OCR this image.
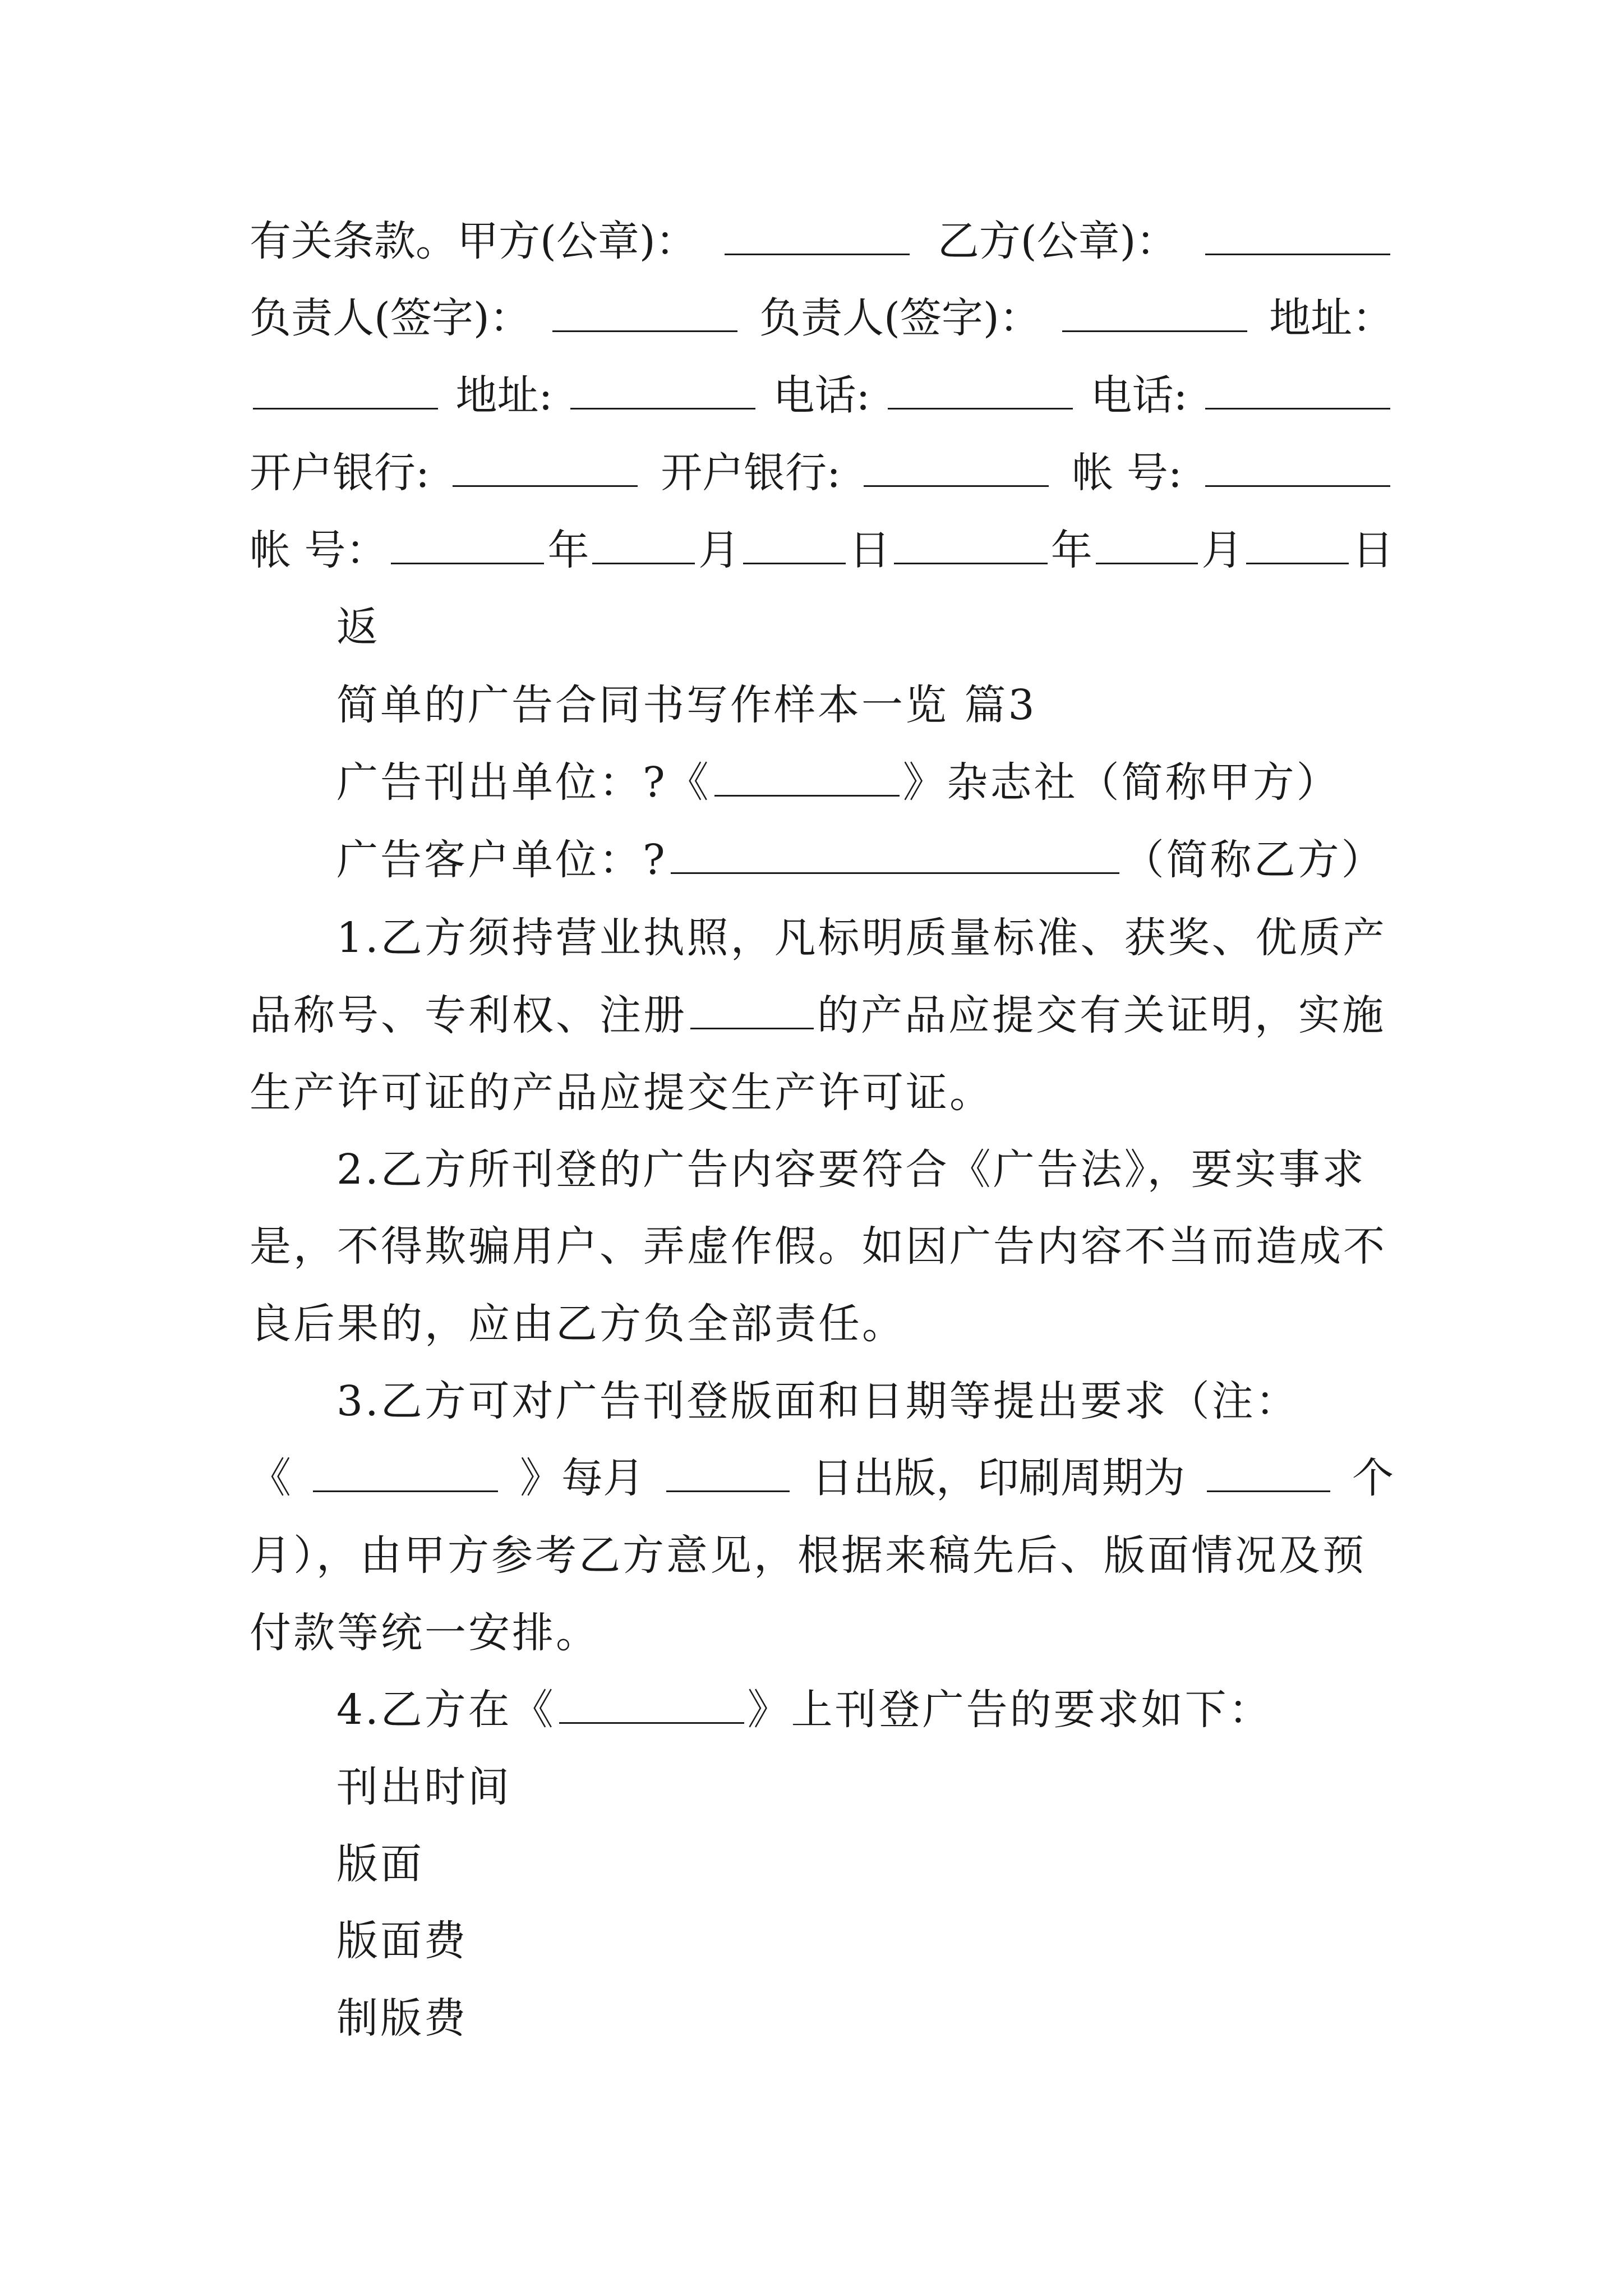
有关条款。甲方(公章)：	乙方(公章)：
负责人(签字)：	负责人(签字)：	地址：
地址:	电话:	电话:
开户银行:	开户银行:	帐 号:
帐 号：	年	月	日	年	月	日
返
简单的广告合同书写作样本一览 篇3
广告刊出单位：?《	》杂志社（简称甲方）
广告客户单位：?	（简称乙方）
1.乙方须持营业执照，凡标明质量标准、获奖、优质产
品称号、专利权、注册	的产品应提交有关证明，实施
生产许可证的产品应提交生产许可证。
2.乙方所刊登的广告内容要符合《广告法》，要实事求
是，不得欺骗用户、弄虚作假。如因广告内容不当而造成不
良后果的，应由乙方负全部责任。
3.乙方可对广告刊登版面和日期等提出要求（注：
《	》每月	日出版，印刷周期为	个
月），由甲方参考乙方意见，根据来稿先后、版面情况及预
付款等统一安排。
4.乙方在《	》上刊登广告的要求如下：
刊出时间
版面
版面费
制版费
